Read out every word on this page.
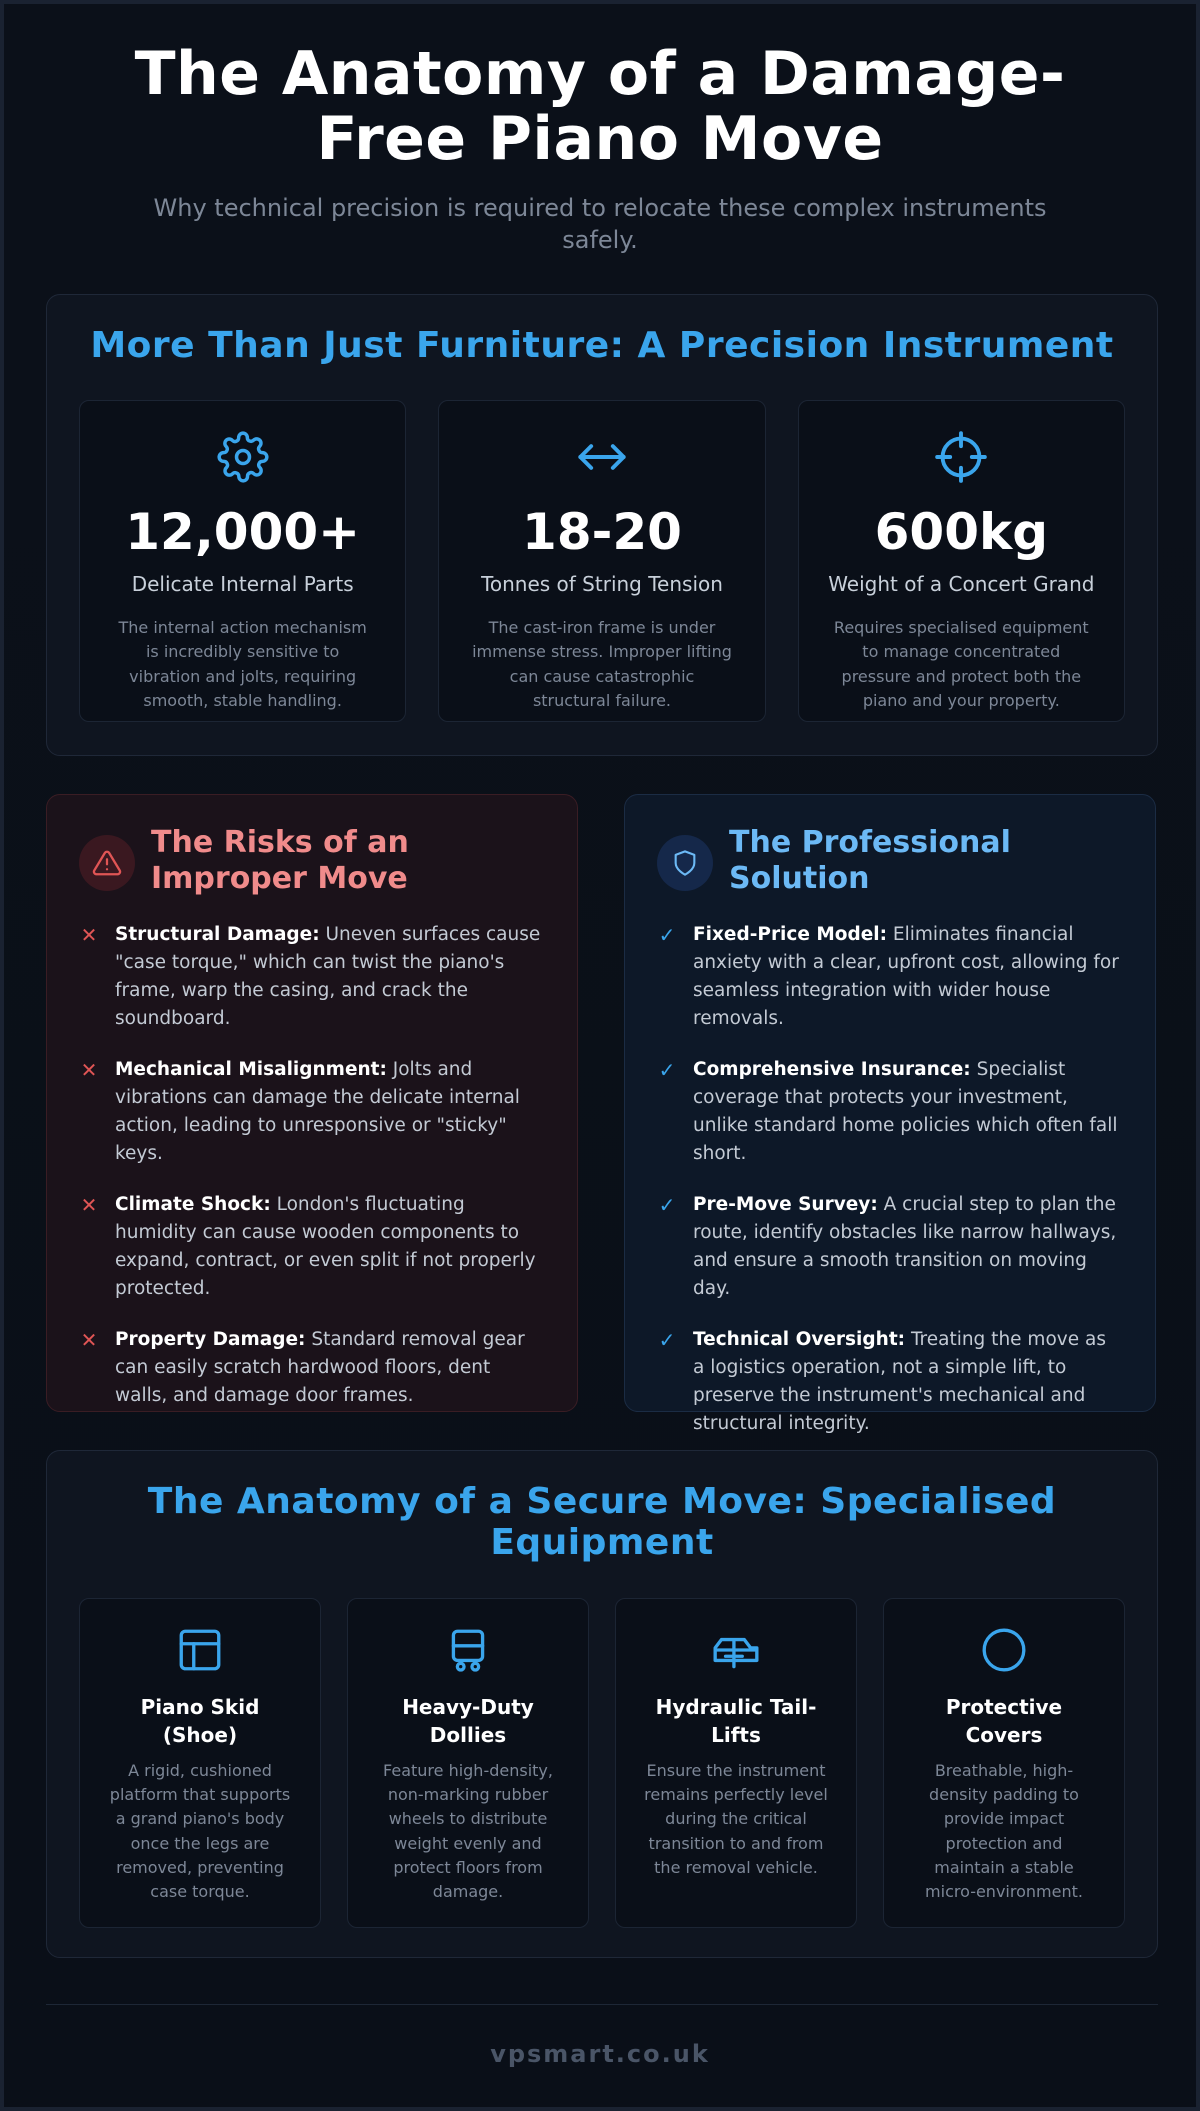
The Anatomy of a Damage-Free Piano Move

Why technical precision is required to relocate these complex instruments safely.

More Than Just Furniture: A Precision Instrument
12,000+
Delicate Internal Parts
The internal action mechanism is incredibly sensitive to vibration and jolts, requiring smooth, stable handling.
18-20
Tonnes of String Tension
The cast-iron frame is under immense stress. Improper lifting can cause catastrophic structural failure.
600kg
Weight of a Concert Grand
Requires specialised equipment to manage concentrated pressure and protect both the piano and your property.
The Risks of an Improper Move
✕ Structural Damage: Uneven surfaces cause "case torque," which can twist the piano's frame, warp the casing, and crack the soundboard.

✕ Mechanical Misalignment: Jolts and vibrations can damage the delicate internal action, leading to unresponsive or "sticky" keys.

✕ Climate Shock: London's fluctuating humidity can cause wooden components to expand, contract, or even split if not properly protected.

✕ Property Damage: Standard removal gear can easily scratch hardwood floors, dent walls, and damage door frames.

The Professional Solution
✓ Fixed-Price Model: Eliminates financial anxiety with a clear, upfront cost, allowing for seamless integration with wider house removals.

✓ Comprehensive Insurance: Specialist coverage that protects your investment, unlike standard home policies which often fall short.

✓ Pre-Move Survey: A crucial step to plan the route, identify obstacles like narrow hallways, and ensure a smooth transition on moving day.

✓ Technical Oversight: Treating the move as a logistics operation, not a simple lift, to preserve the instrument's mechanical and structural integrity.

The Anatomy of a Secure Move: Specialised Equipment
Piano Skid (Shoe)
A rigid, cushioned platform that supports a grand piano's body once the legs are removed, preventing case torque.
Heavy-Duty Dollies
Feature high-density, non-marking rubber wheels to distribute weight evenly and protect floors from damage.
Hydraulic Tail-Lifts
Ensure the instrument remains perfectly level during the critical transition to and from the removal vehicle.
Protective Covers
Breathable, high-density padding to provide impact protection and maintain a stable micro-environment.
vpsmart.co.uk
